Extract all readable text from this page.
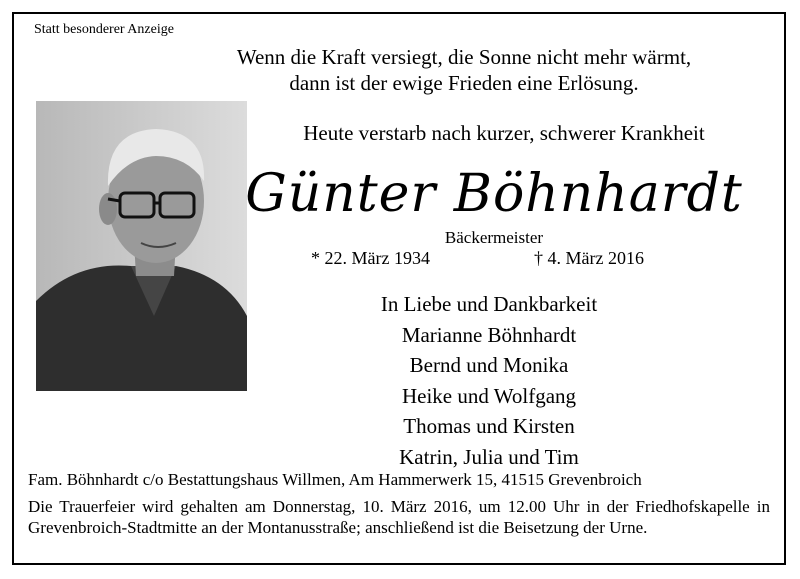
Statt besonderer Anzeige
Wenn die Kraft versiegt, die Sonne nicht mehr wärmt,
dann ist der ewige Frieden eine Erlösung.
Heute verstarb nach kurzer, schwerer Krankheit
Günter Böhnhardt
Bäckermeister
* 22. März 1934	† 4. März 2016
In Liebe und Dankbarkeit
Marianne Böhnhardt
Bernd und Monika
Heike und Wolfgang
Thomas und Kirsten
Katrin, Julia und Tim
Fam. Böhnhardt c/o Bestattungshaus Willmen, Am Hammerwerk 15, 41515 Grevenbroich
Die Trauerfeier wird gehalten am Donnerstag, 10. März 2016, um 12.00 Uhr in der Friedhofskapelle in Grevenbroich-Stadtmitte an der Montanusstraße; anschließend ist die Beisetzung der Urne.
